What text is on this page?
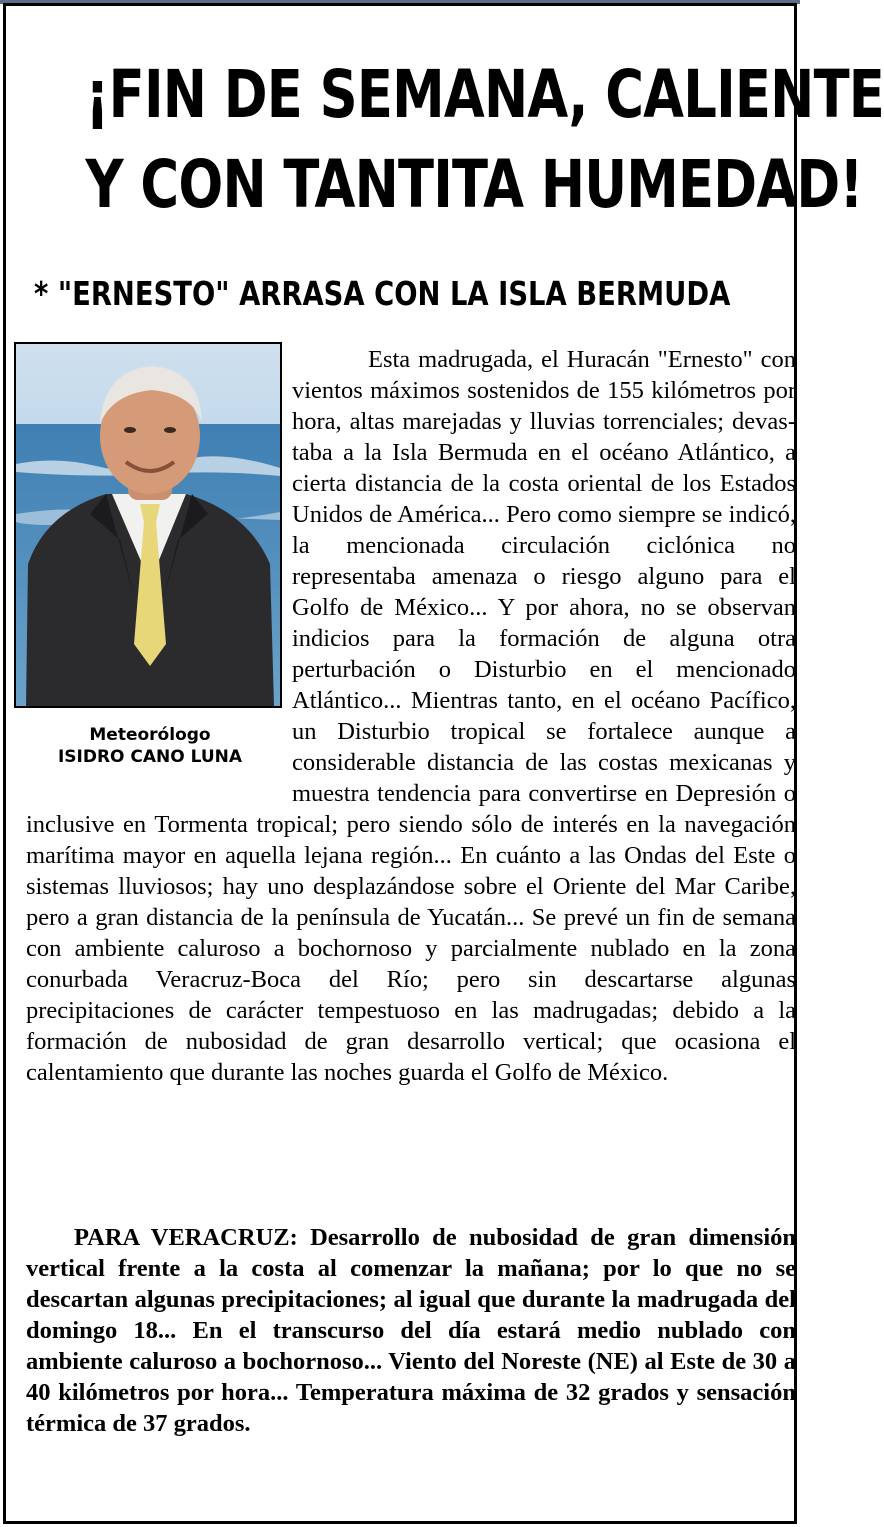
¡FIN DE SEMANA, CALIENTE
Y CON TANTITA HUMEDAD!
* "ERNESTO" ARRASA CON LA ISLA BERMUDA
Meteorólogo
ISIDRO CANO LUNA

Esta madrugada, el Huracán "Ernesto" con vientos máximos sostenidos de 155 kilómetros por hora, altas marejadas y lluvias torrenciales; devastaba a la Isla Bermuda en el océano Atlántico, a cierta distancia de la costa oriental de los Estados Unidos de América... Pero como siempre se indicó, la mencionada circulación ciclónica no representaba amenaza o riesgo alguno para el Golfo de México... Y por ahora, no se observan indicios para la formación de alguna otra perturbación o Disturbio en el mencionado Atlántico... Mientras tanto, en el océano Pacífico, un Disturbio tropical se fortalece aunque a considerable distancia de las costas mexicanas y muestra tendencia para convertirse en Depresión o inclusive en Tormenta tropical; pero siendo sólo de interés en la navegación marítima mayor en aquella lejana región... En cuánto a las Ondas del Este o sistemas lluviosos; hay uno desplazándose sobre el Oriente del Mar Caribe, pero a gran distancia de la península de Yucatán... Se prevé un fin de semana con ambiente caluroso a bochornoso y parcialmente nublado en la zona conurbada Veracruz-Boca del Río; pero sin descartarse algunas precipitaciones de carácter tempestuoso en las madrugadas; debido a la formación de nubosidad de gran desarrollo vertical; que ocasiona el calentamiento que durante las noches guarda el Golfo de México.

PARA VERACRUZ: Desarrollo de nubosidad de gran dimensión vertical frente a la costa al comenzar la mañana; por lo que no se descartan algunas precipitaciones; al igual que durante la madrugada del domingo 18... En el transcurso del día estará medio nublado con ambiente caluroso a bochornoso... Viento del Noreste (NE) al Este de 30 a 40 kilómetros por hora... Temperatura máxima de 32 grados y sensación térmica de 37 grados.
